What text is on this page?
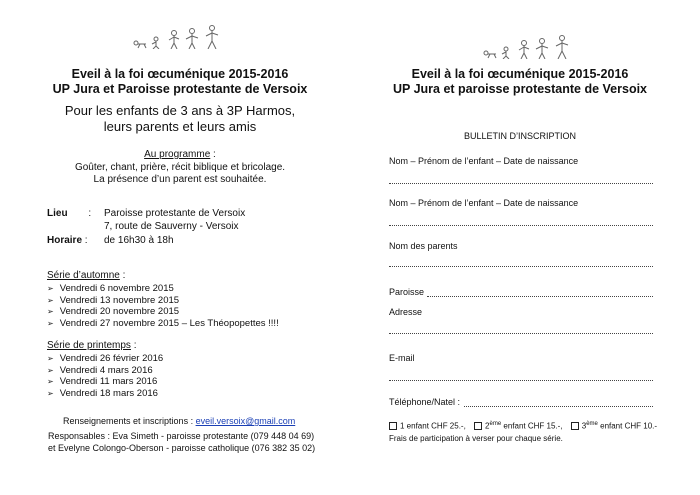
Eveil à la foi œcuménique 2015-2016
UP Jura et Paroisse protestante de Versoix
Pour les enfants de 3 ans à 3P Harmos,
leurs parents et leurs amis
Au programme :
Goûter, chant, prière, récit biblique et bricolage.
La présence d’un parent est souhaitée.
Lieu : Paroisse protestante de Versoix
7, route de Sauverny - Versoix
Horaire : de 16h30 à 18h
Série d’automne :
➢ Vendredi 6 novembre 2015
➢ Vendredi 13 novembre 2015
➢ Vendredi 20 novembre 2015
➢ Vendredi 27 novembre 2015 – Les Théopopettes !!!!
Série de printemps :
➢ Vendredi 26 février 2016
➢ Vendredi 4 mars 2016
➢ Vendredi 11 mars 2016
➢ Vendredi 18 mars 2016
Renseignements et inscriptions : eveil.versoix@gmail.com
Responsables : Eva Simeth - paroisse protestante (079 448 04 69)
et Evelyne Colongo-Oberson - paroisse catholique (076 382 35 02)
Eveil à la foi œcuménique 2015-2016
UP Jura et paroisse protestante de Versoix
BULLETIN D’INSCRIPTION
Nom – Prénom de l’enfant – Date de naissance
Nom – Prénom de l’enfant – Date de naissance
Nom des parents
Paroisse
Adresse
E-mail
Téléphone/Natel :
1 enfant CHF 25.-, 2ème enfant CHF 15.-, 3ème enfant CHF 10.-
Frais de participation à verser pour chaque série.
